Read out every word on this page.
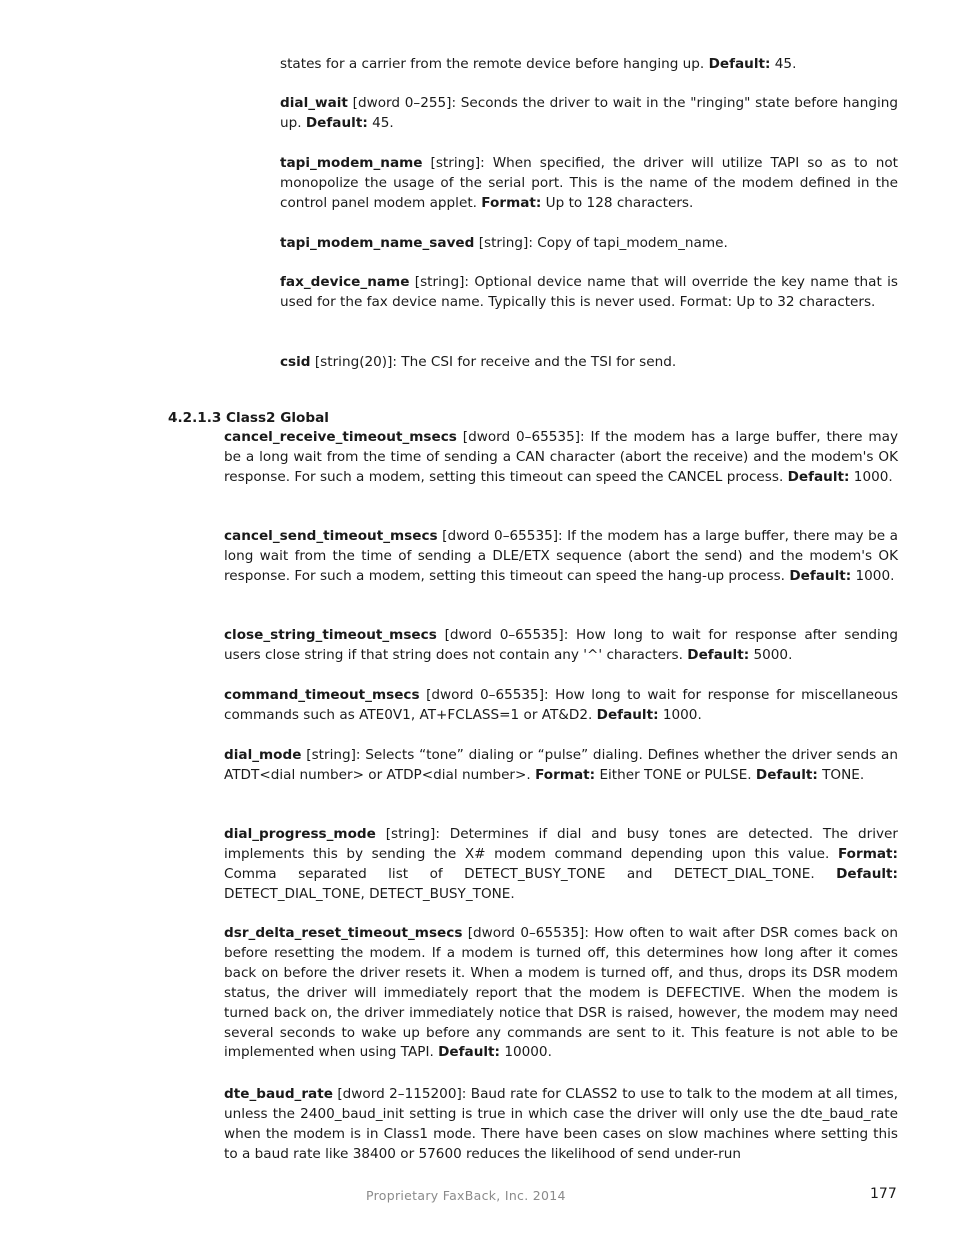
states for a carrier from the remote device before hanging up. Default: 45.
dial_wait [dword 0–255]: Seconds the driver to wait in the "ringing" state before hanging up. Default: 45.
tapi_modem_name [string]: When specified, the driver will utilize TAPI so as to not monopolize the usage of the serial port. This is the name of the modem defined in the control panel modem applet. Format: Up to 128 characters.
tapi_modem_name_saved [string]: Copy of tapi_modem_name.
fax_device_name [string]: Optional device name that will override the key name that is used for the fax device name. Typically this is never used. Format: Up to 32 characters.
csid [string(20)]: The CSI for receive and the TSI for send.
4.2.1.3 Class2 Global
cancel_receive_timeout_msecs [dword 0–65535]: If the modem has a large buffer, there may be a long wait from the time of sending a CAN character (abort the receive) and the modem's OK response. For such a modem, setting this timeout can speed the CANCEL process. Default: 1000.
cancel_send_timeout_msecs [dword 0–65535]: If the modem has a large buffer, there may be a long wait from the time of sending a DLE/ETX sequence (abort the send) and the modem's OK response. For such a modem, setting this timeout can speed the hang-up process. Default: 1000.
close_string_timeout_msecs [dword 0–65535]: How long to wait for response after sending users close string if that string does not contain any '^' characters. Default: 5000.
command_timeout_msecs [dword 0–65535]: How long to wait for response for miscellaneous commands such as ATE0V1, AT+FCLASS=1 or AT&D2. Default: 1000.
dial_mode [string]: Selects “tone” dialing or “pulse” dialing. Defines whether the driver sends an ATDT<dial number> or ATDP<dial number>. Format: Either TONE or PULSE. Default: TONE.
dial_progress_mode [string]: Determines if dial and busy tones are detected. The driver implements this by sending the X# modem command depending upon this value. Format: Comma separated list of DETECT_BUSY_TONE and DETECT_DIAL_TONE. Default: DETECT_DIAL_TONE, DETECT_BUSY_TONE.
dsr_delta_reset_timeout_msecs [dword 0–65535]: How often to wait after DSR comes back on before resetting the modem. If a modem is turned off, this determines how long after it comes back on before the driver resets it. When a modem is turned off, and thus, drops its DSR modem status, the driver will immediately report that the modem is DEFECTIVE. When the modem is turned back on, the driver immediately notice that DSR is raised, however, the modem may need several seconds to wake up before any commands are sent to it. This feature is not able to be implemented when using TAPI. Default: 10000.
dte_baud_rate [dword 2–115200]: Baud rate for CLASS2 to use to talk to the modem at all times, unless the 2400_baud_init setting is true in which case the driver will only use the dte_baud_rate when the modem is in Class1 mode. There have been cases on slow machines where setting this to a baud rate like 38400 or 57600 reduces the likelihood of send under-run
Proprietary FaxBack, Inc. 2014	177
